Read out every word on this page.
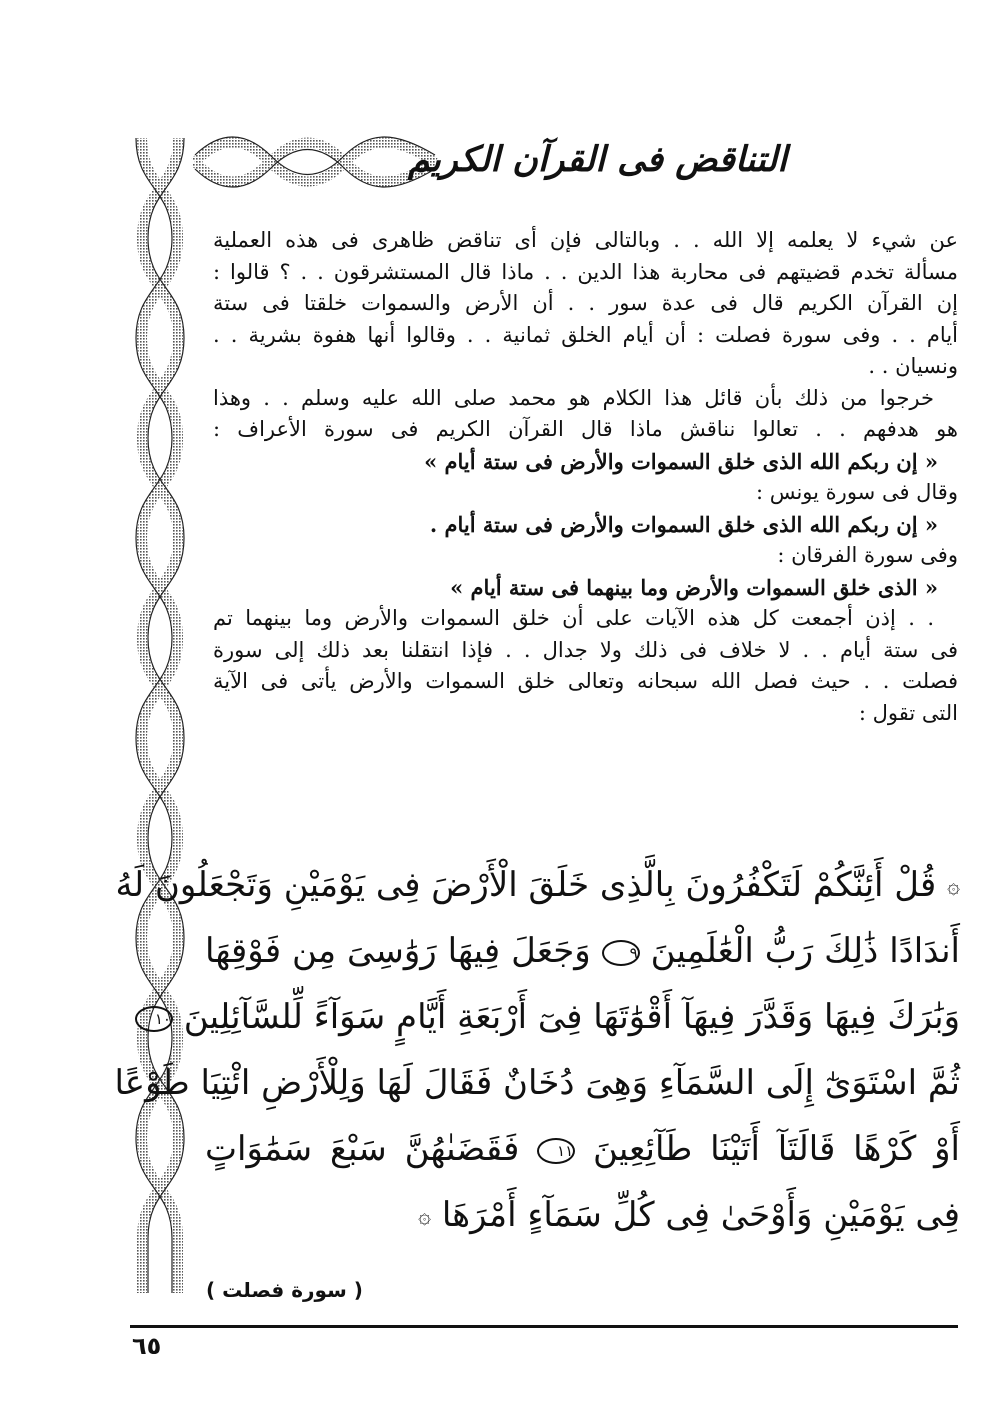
التناقض فى القرآن الكريم
عن شيء لا يعلمه إلا الله . . وبالتالى فإن أى تناقض ظاهرى فى هذه العملية
مسألة تخدم قضيتهم فى محاربة هذا الدين . . ماذا قال المستشرقون . . ؟ قالوا :
إن القرآن الكريم قال فى عدة سور . . أن الأرض والسموات خلقتا فى ستة
أيام . . وفى سورة فصلت : أن أيام الخلق ثمانية . . وقالوا أنها هفوة بشرية . .
ونسيان . .
خرجوا من ذلك بأن قائل هذا الكلام هو محمد صلى الله عليه وسلم . . وهذا
هو هدفهم . . تعالوا نناقش ماذا قال القرآن الكريم فى سورة الأعراف :
« إن ربكم الله الذى خلق السموات والأرض فى ستة أيام »
وقال فى سورة يونس :
« إن ربكم الله الذى خلق السموات والأرض فى ستة أيام .
وفى سورة الفرقان :
« الذى خلق السموات والأرض وما بينهما فى ستة أيام »
. . إذن أجمعت كل هذه الآيات على أن خلق السموات والأرض وما بينهما تم
فى ستة أيام . . لا خلاف فى ذلك ولا جدال . . فإذا انتقلنا بعد ذلك إلى سورة
فصلت . . حيث فصل الله سبحانه وتعالى خلق السموات والأرض يأتى فى الآية
التى تقول :
۞ قُلْ أَئِنَّكُمْ لَتَكْفُرُونَ بِالَّذِى خَلَقَ الْأَرْضَ فِى يَوْمَيْنِ وَتَجْعَلُونَ لَهُ
أَندَادًا ذَٰلِكَ رَبُّ الْعَٰلَمِينَ ٩ وَجَعَلَ فِيهَا رَوَٰسِىَ مِن فَوْقِهَا
وَبَٰرَكَ فِيهَا وَقَدَّرَ فِيهَآ أَقْوَٰتَهَا فِىٓ أَرْبَعَةِ أَيَّامٍ سَوَآءً لِّلسَّآئِلِينَ ١٠
ثُمَّ اسْتَوَىٰٓ إِلَى السَّمَآءِ وَهِىَ دُخَانٌ فَقَالَ لَهَا وَلِلْأَرْضِ ائْتِيَا طَوْعًا
أَوْ كَرْهًا قَالَتَآ أَتَيْنَا طَآئِعِينَ ١١ فَقَضَىٰهُنَّ سَبْعَ سَمَٰوَاتٍ
فِى يَوْمَيْنِ وَأَوْحَىٰ فِى كُلِّ سَمَآءٍ أَمْرَهَا ۞
( سورة فصلت )
٦٥
